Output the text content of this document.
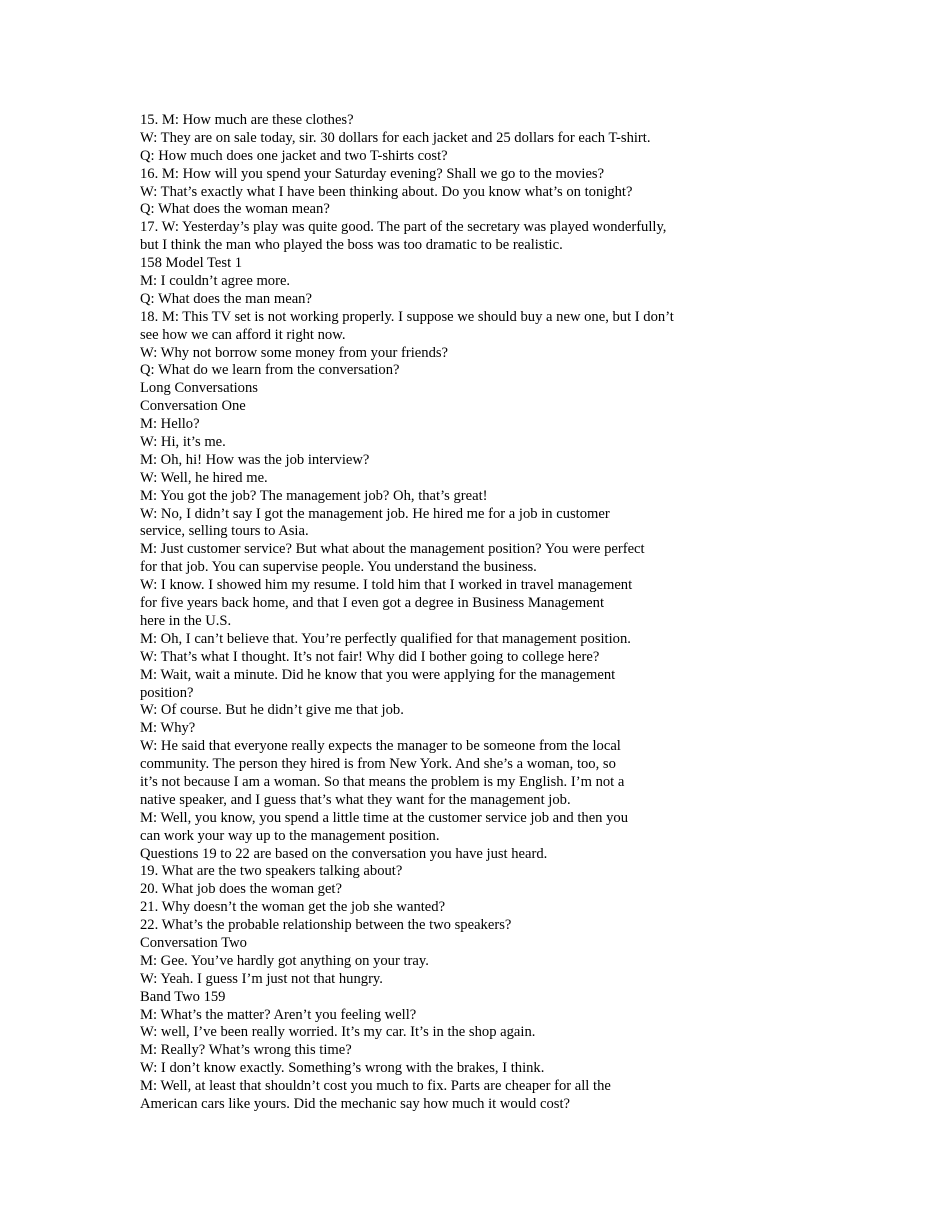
15. M: How much are these clothes?
W: They are on sale today, sir. 30 dollars for each jacket and 25 dollars for each T-shirt.
Q: How much does one jacket and two T-shirts cost?
16. M: How will you spend your Saturday evening? Shall we go to the movies?
W: That’s exactly what I have been thinking about. Do you know what’s on tonight?
Q: What does the woman mean?
17. W: Yesterday’s play was quite good. The part of the secretary was played wonderfully,
but I think the man who played the boss was too dramatic to be realistic.
158 Model Test 1
M: I couldn’t agree more.
Q: What does the man mean?
18. M: This TV set is not working properly. I suppose we should buy a new one, but I don’t
see how we can afford it right now.
W: Why not borrow some money from your friends?
Q: What do we learn from the conversation?
Long Conversations
Conversation One
M: Hello?
W: Hi, it’s me.
M: Oh, hi! How was the job interview?
W: Well, he hired me.
M: You got the job? The management job? Oh, that’s great!
W: No, I didn’t say I got the management job. He hired me for a job in customer
service, selling tours to Asia.
M: Just customer service? But what about the management position? You were perfect
for that job. You can supervise people. You understand the business.
W: I know. I showed him my resume. I told him that I worked in travel management
for five years back home, and that I even got a degree in Business Management
here in the U.S.
M: Oh, I can’t believe that. You’re perfectly qualified for that management position.
W: That’s what I thought. It’s not fair! Why did I bother going to college here?
M: Wait, wait a minute. Did he know that you were applying for the management
position?
W: Of course. But he didn’t give me that job.
M: Why?
W: He said that everyone really expects the manager to be someone from the local
community. The person they hired is from New York. And she’s a woman, too, so
it’s not because I am a woman. So that means the problem is my English. I’m not a
native speaker, and I guess that’s what they want for the management job.
M: Well, you know, you spend a little time at the customer service job and then you
can work your way up to the management position.
Questions 19 to 22 are based on the conversation you have just heard.
19. What are the two speakers talking about?
20. What job does the woman get?
21. Why doesn’t the woman get the job she wanted?
22. What’s the probable relationship between the two speakers?
Conversation Two
M: Gee. You’ve hardly got anything on your tray.
W: Yeah. I guess I’m just not that hungry.
Band Two 159
M: What’s the matter? Aren’t you feeling well?
W: well, I’ve been really worried. It’s my car. It’s in the shop again.
M: Really? What’s wrong this time?
W: I don’t know exactly. Something’s wrong with the brakes, I think.
M: Well, at least that shouldn’t cost you much to fix. Parts are cheaper for all the
American cars like yours. Did the mechanic say how much it would cost?
